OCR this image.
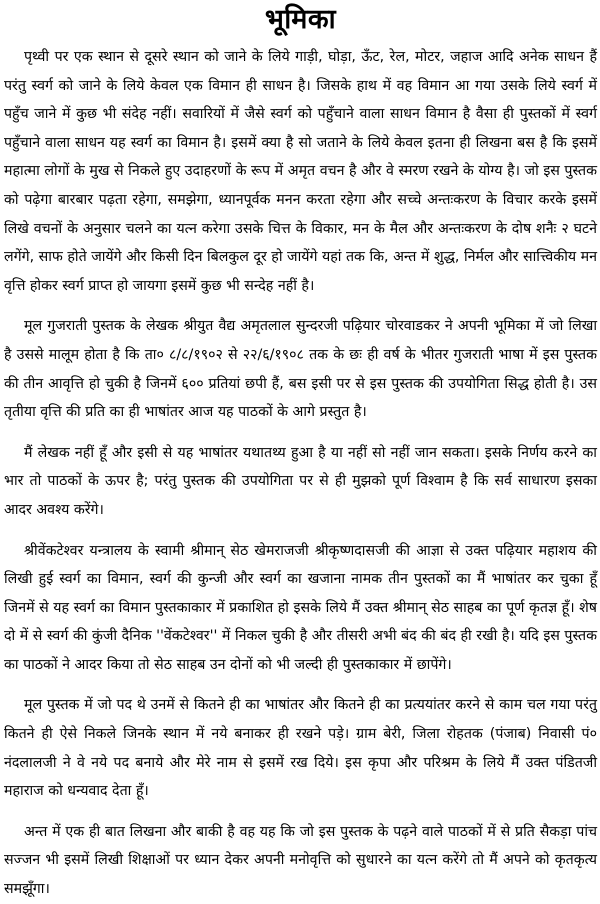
भूमिका

पृथ्वी पर एक स्थान से दूसरे स्थान को जाने के लिये गाड़ी, घोड़ा, ऊँट, रेल, मोटर, जहाज आदि अनेक साधन हैं परंतु स्वर्ग को जाने के लिये केवल एक विमान ही साधन है। जिसके हाथ में वह विमान आ गया उसके लिये स्वर्ग में पहुँच जाने में कुछ भी संदेह नहीं। सवारियों में जैसे स्वर्ग को पहुँचाने वाला साधन विमान है वैसा ही पुस्तकों में स्वर्ग पहुँचाने वाला साधन यह स्वर्ग का विमान है। इसमें क्या है सो जताने के लिये केवल इतना ही लिखना बस है कि इसमें महात्मा लोगों के मुख से निकले हुए उदाहरणों के रूप में अमृत वचन है और वे स्मरण रखने के योग्य है। जो इस पुस्तक को पढ़ेगा बारबार पढ़ता रहेगा, समझेगा, ध्यानपूर्वक मनन करता रहेगा और सच्चे अन्तःकरण के विचार करके इसमें लिखे वचनों के अनुसार चलने का यत्न करेगा उसके चित्त के विकार, मन के मैल और अन्तःकरण के दोष शनैः २ घटने लगेंगे, साफ होते जायेंगे और किसी दिन बिलकुल दूर हो जायेंगे यहां तक कि, अन्त में शुद्ध, निर्मल और सात्त्विकीय मन वृत्ति होकर स्वर्ग प्राप्त हो जायगा इसमें कुछ भी सन्देह नहीं है।

मूल गुजराती पुस्तक के लेखक श्रीयुत वैद्य अमृतलाल सुन्दरजी पढ़ियार चोरवाडकर ने अपनी भूमिका में जो लिखा है उससे मालूम होता है कि ता० ८/८/१९०२ से २२/६/१९०८ तक के छः ही वर्ष के भीतर गुजराती भाषा में इस पुस्तक की तीन आवृत्ति हो चुकी है जिनमें ६०० प्रतियां छपी हैं, बस इसी पर से इस पुस्तक की उपयोगिता सिद्ध होती है। उस तृतीया वृत्ति की प्रति का ही भाषांतर आज यह पाठकों के आगे प्रस्तुत है।

मैं लेखक नहीं हूँ और इसी से यह भाषांतर यथातथ्य हुआ है या नहीं सो नहीं जान सकता। इसके निर्णय करने का भार तो पाठकों के ऊपर है; परंतु पुस्तक की उपयोगिता पर से ही मुझको पूर्ण विश्वाम है कि सर्व साधारण इसका आदर अवश्य करेंगे।

श्रीवेंकटेश्वर यन्त्रालय के स्वामी श्रीमान् सेठ खेमराजजी श्रीकृष्णदासजी की आज्ञा से उक्त पढ़ियार महाशय की लिखी हुई स्वर्ग का विमान, स्वर्ग की कुन्जी और स्वर्ग का खजाना नामक तीन पुस्तकों का मैं भाषांतर कर चुका हूँ जिनमें से यह स्वर्ग का विमान पुस्तकाकार में प्रकाशित हो इसके लिये मैं उक्त श्रीमान् सेठ साहब का पूर्ण कृतज्ञ हूँ। शेष दो में से स्वर्ग की कुंजी दैनिक ''वेंकटेश्वर'' में निकल चुकी है और तीसरी अभी बंद की बंद ही रखी है। यदि इस पुस्तक का पाठकों ने आदर किया तो सेठ साहब उन दोनों को भी जल्दी ही पुस्तकाकार में छापेंगे।

मूल पुस्तक में जो पद थे उनमें से कितने ही का भाषांतर और कितने ही का प्रत्ययांतर करने से काम चल गया परंतु कितने ही ऐसे निकले जिनके स्थान में नये बनाकर ही रखने पड़े। ग्राम बेरी, जिला रोहतक (पंजाब) निवासी पं० नंदलालजी ने वे नये पद बनाये और मेरे नाम से इसमें रख दिये। इस कृपा और परिश्रम के लिये मैं उक्त पंडितजी महाराज को धन्यवाद देता हूँ।

अन्त में एक ही बात लिखना और बाकी है वह यह कि जो इस पुस्तक के पढ़ने वाले पाठकों में से प्रति सैकड़ा पांच सज्जन भी इसमें लिखी शिक्षाओं पर ध्यान देकर अपनी मनोवृत्ति को सुधारने का यत्न करेंगे तो मैं अपने को कृतकृत्य समझूँगा।
